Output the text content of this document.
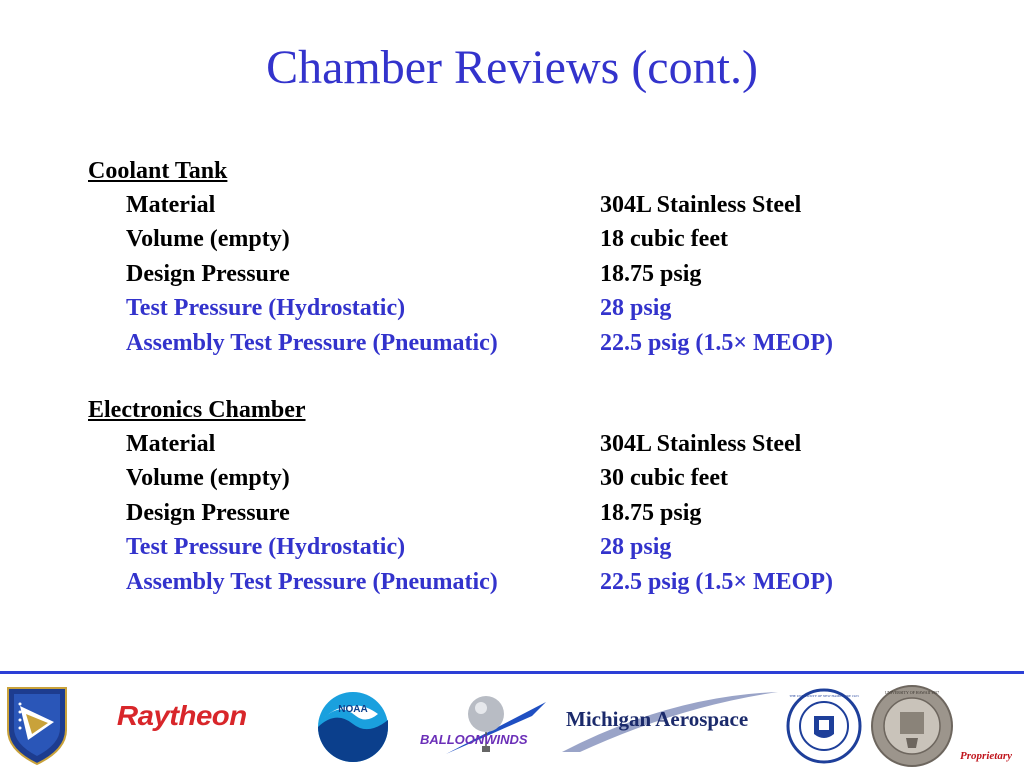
Chamber Reviews (cont.)
Coolant Tank
Material	304L Stainless Steel
Volume (empty)	18 cubic feet
Design Pressure	18.75 psig
Test Pressure (Hydrostatic)	28 psig
Assembly Test Pressure (Pneumatic)	22.5 psig (1.5× MEOP)
Electronics Chamber
Material	304L Stainless Steel
Volume (empty)	30 cubic feet
Design Pressure	18.75 psig
Test Pressure (Hydrostatic)	28 psig
Assembly Test Pressure (Pneumatic)	22.5 psig (1.5× MEOP)
Raytheon	NOAA
BALLOONWINDS
Michigan Aerospace
THE UNIVERSITY OF NEW HAMPSHIRE 1923
UNIVERSITY OF HAWAII 1907
Proprietary
